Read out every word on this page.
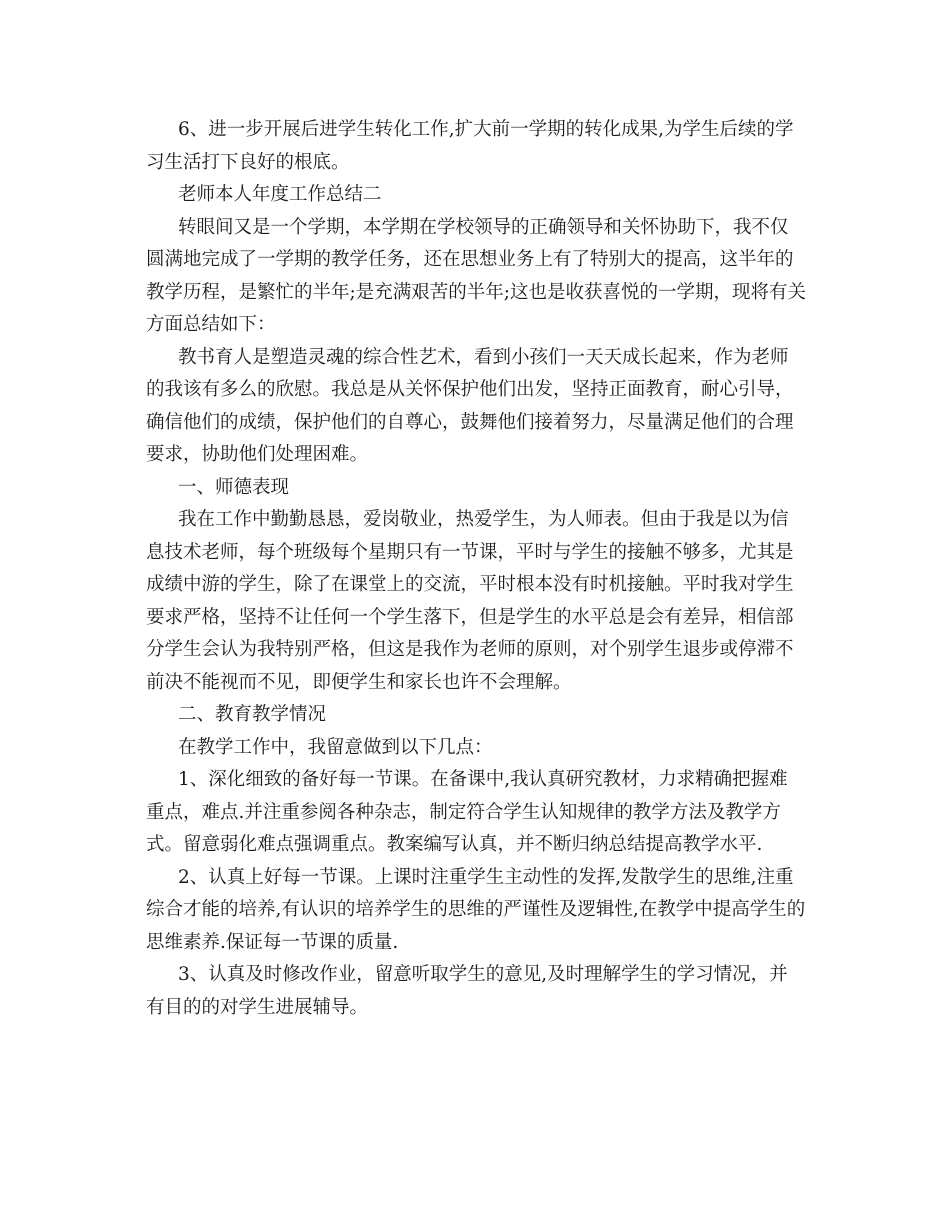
6、进一步开展后进学生转化工作,扩大前一学期的转化成果,为学生后续的学习生活打下良好的根底。

老师本人年度工作总结二

转眼间又是一个学期，本学期在学校领导的正确领导和关怀协助下，我不仅圆满地完成了一学期的教学任务，还在思想业务上有了特别大的提高，这半年的教学历程，是繁忙的半年;是充满艰苦的半年;这也是收获喜悦的一学期，现将有关方面总结如下：

教书育人是塑造灵魂的综合性艺术，看到小孩们一天天成长起来，作为老师的我该有多么的欣慰。我总是从关怀保护他们出发，坚持正面教育，耐心引导，确信他们的成绩，保护他们的自尊心，鼓舞他们接着努力，尽量满足他们的合理要求，协助他们处理困难。

一、师德表现

我在工作中勤勤恳恳，爱岗敬业，热爱学生，为人师表。但由于我是以为信息技术老师，每个班级每个星期只有一节课，平时与学生的接触不够多，尤其是成绩中游的学生，除了在课堂上的交流，平时根本没有时机接触。平时我对学生要求严格，坚持不让任何一个学生落下，但是学生的水平总是会有差异，相信部分学生会认为我特别严格，但这是我作为老师的原则，对个别学生退步或停滞不前决不能视而不见，即便学生和家长也许不会理解。

二、教育教学情况

在教学工作中，我留意做到以下几点：

1、深化细致的备好每一节课。在备课中,我认真研究教材，力求精确把握难重点，难点.并注重参阅各种杂志，制定符合学生认知规律的教学方法及教学方式。留意弱化难点强调重点。教案编写认真，并不断归纳总结提高教学水平.

2、认真上好每一节课。上课时注重学生主动性的发挥,发散学生的思维,注重综合才能的培养,有认识的培养学生的思维的严谨性及逻辑性,在教学中提高学生的思维素养.保证每一节课的质量.

3、认真及时修改作业，留意听取学生的意见,及时理解学生的学习情况，并有目的的对学生进展辅导。
